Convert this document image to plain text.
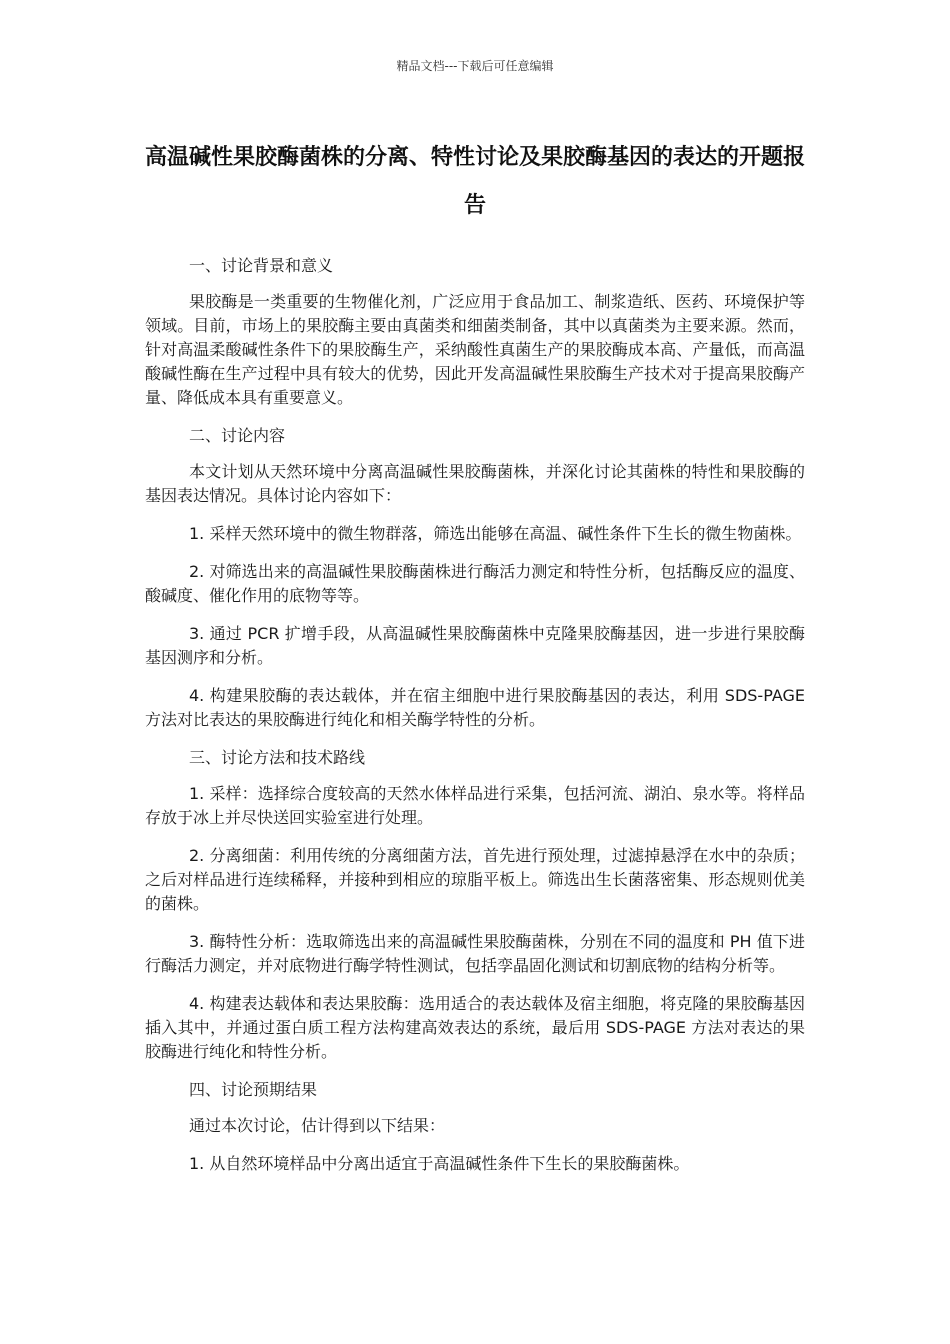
精品文档---下载后可任意编辑
高温碱性果胶酶菌株的分离、特性讨论及果胶酶基因的表达的开题报告

一、讨论背景和意义

果胶酶是一类重要的生物催化剂，广泛应用于食品加工、制浆造纸、医药、环境保护等领域。目前，市场上的果胶酶主要由真菌类和细菌类制备，其中以真菌类为主要来源。然而，针对高温柔酸碱性条件下的果胶酶生产，采纳酸性真菌生产的果胶酶成本高、产量低，而高温酸碱性酶在生产过程中具有较大的优势，因此开发高温碱性果胶酶生产技术对于提高果胶酶产量、降低成本具有重要意义。

二、讨论内容

本文计划从天然环境中分离高温碱性果胶酶菌株，并深化讨论其菌株的特性和果胶酶的基因表达情况。具体讨论内容如下：

1. 采样天然环境中的微生物群落，筛选出能够在高温、碱性条件下生长的微生物菌株。

2. 对筛选出来的高温碱性果胶酶菌株进行酶活力测定和特性分析，包括酶反应的温度、酸碱度、催化作用的底物等等。

3. 通过 PCR 扩增手段，从高温碱性果胶酶菌株中克隆果胶酶基因，进一步进行果胶酶基因测序和分析。

4. 构建果胶酶的表达载体，并在宿主细胞中进行果胶酶基因的表达，利用 SDS-PAGE 方法对比表达的果胶酶进行纯化和相关酶学特性的分析。

三、讨论方法和技术路线

1. 采样：选择综合度较高的天然水体样品进行采集，包括河流、湖泊、泉水等。将样品存放于冰上并尽快送回实验室进行处理。

2. 分离细菌：利用传统的分离细菌方法，首先进行预处理，过滤掉悬浮在水中的杂质；之后对样品进行连续稀释，并接种到相应的琼脂平板上。筛选出生长菌落密集、形态规则优美的菌株。

3. 酶特性分析：选取筛选出来的高温碱性果胶酶菌株，分别在不同的温度和 PH 值下进行酶活力测定，并对底物进行酶学特性测试，包括孪晶固化测试和切割底物的结构分析等。

4. 构建表达载体和表达果胶酶：选用适合的表达载体及宿主细胞，将克隆的果胶酶基因插入其中，并通过蛋白质工程方法构建高效表达的系统，最后用 SDS-PAGE 方法对表达的果胶酶进行纯化和特性分析。

四、讨论预期结果

通过本次讨论，估计得到以下结果：

1. 从自然环境样品中分离出适宜于高温碱性条件下生长的果胶酶菌株。
